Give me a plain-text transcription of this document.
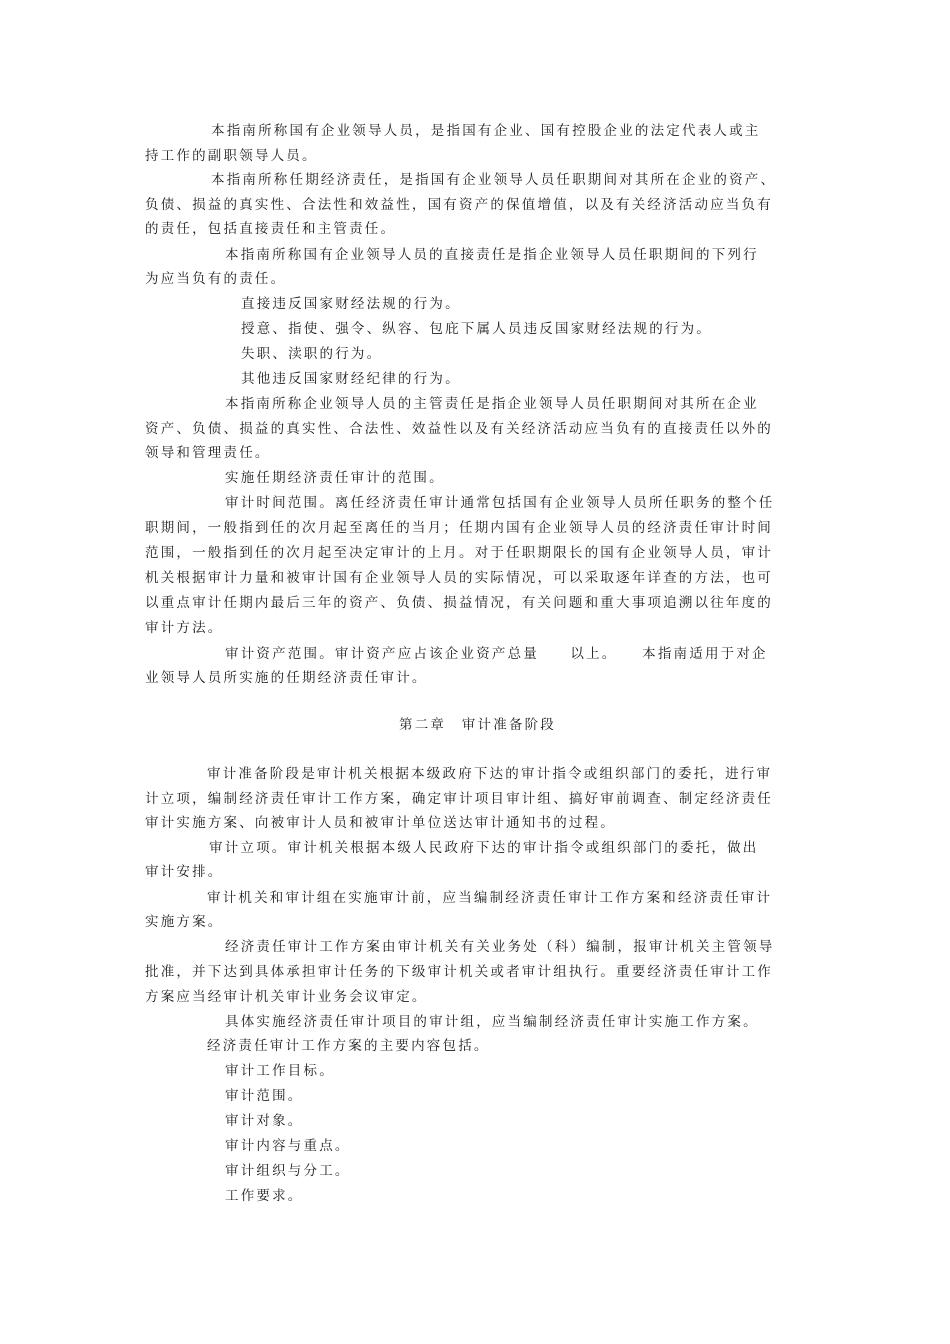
本指南所称国有企业领导人员，是指国有企业、国有控股企业的法定代表人或主
持工作的副职领导人员。
本指南所称任期经济责任，是指国有企业领导人员任职期间对其所在企业的资产、
负债、损益的真实性、合法性和效益性，国有资产的保值增值，以及有关经济活动应当负有
的责任，包括直接责任和主管责任。
本指南所称国有企业领导人员的直接责任是指企业领导人员任职期间的下列行
为应当负有的责任。
直接违反国家财经法规的行为。
授意、指使、强令、纵容、包庇下属人员违反国家财经法规的行为。
失职、渎职的行为。
其他违反国家财经纪律的行为。
本指南所称企业领导人员的主管责任是指企业领导人员任职期间对其所在企业
资产、负债、损益的真实性、合法性、效益性以及有关经济活动应当负有的直接责任以外的
领导和管理责任。
实施任期经济责任审计的范围。
审计时间范围。离任经济责任审计通常包括国有企业领导人员所任职务的整个任
职期间，一般指到任的次月起至离任的当月；任期内国有企业领导人员的经济责任审计时间
范围，一般指到任的次月起至决定审计的上月。对于任职期限长的国有企业领导人员，审计
机关根据审计力量和被审计国有企业领导人员的实际情况，可以采取逐年详查的方法，也可
以重点审计任期内最后三年的资产、负债、损益情况，有关问题和重大事项追溯以往年度的
审计方法。
审计资产范围。审计资产应占该企业资产总量　　以上。　　本指南适用于对企
业领导人员所实施的任期经济责任审计。
第二章　审计准备阶段
审计准备阶段是审计机关根据本级政府下达的审计指令或组织部门的委托，进行审
计立项，编制经济责任审计工作方案，确定审计项目审计组、搞好审前调查、制定经济责任
审计实施方案、向被审计人员和被审计单位送达审计通知书的过程。
审计立项。审计机关根据本级人民政府下达的审计指令或组织部门的委托，做出
审计安排。
审计机关和审计组在实施审计前，应当编制经济责任审计工作方案和经济责任审计
实施方案。
经济责任审计工作方案由审计机关有关业务处（科）编制，报审计机关主管领导
批准，并下达到具体承担审计任务的下级审计机关或者审计组执行。重要经济责任审计工作
方案应当经审计机关审计业务会议审定。
具体实施经济责任审计项目的审计组，应当编制经济责任审计实施工作方案。
经济责任审计工作方案的主要内容包括。
审计工作目标。
审计范围。
审计对象。
审计内容与重点。
审计组织与分工。
工作要求。
